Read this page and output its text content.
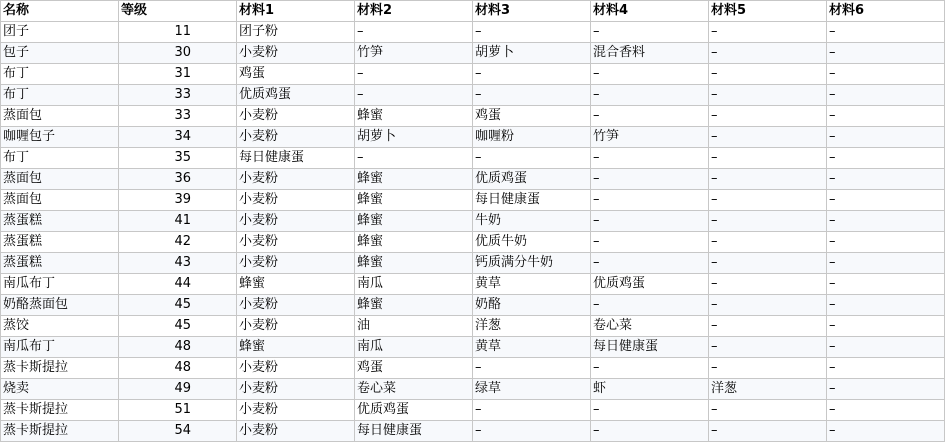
名称	等级	材料1	材料2	材料3	材料4	材料5	材料6
团子	11	团子粉	–	–	–	–	–
包子	30	小麦粉	竹笋	胡萝卜	混合香料	–	–
布丁	31	鸡蛋	–	–	–	–	–
布丁	33	优质鸡蛋	–	–	–	–	–
蒸面包	33	小麦粉	蜂蜜	鸡蛋	–	–	–
咖喱包子	34	小麦粉	胡萝卜	咖喱粉	竹笋	–	–
布丁	35	每日健康蛋	–	–	–	–	–
蒸面包	36	小麦粉	蜂蜜	优质鸡蛋	–	–	–
蒸面包	39	小麦粉	蜂蜜	每日健康蛋	–	–	–
蒸蛋糕	41	小麦粉	蜂蜜	牛奶	–	–	–
蒸蛋糕	42	小麦粉	蜂蜜	优质牛奶	–	–	–
蒸蛋糕	43	小麦粉	蜂蜜	钙质满分牛奶	–	–	–
南瓜布丁	44	蜂蜜	南瓜	黄草	优质鸡蛋	–	–
奶酪蒸面包	45	小麦粉	蜂蜜	奶酪	–	–	–
蒸饺	45	小麦粉	油	洋葱	卷心菜	–	–
南瓜布丁	48	蜂蜜	南瓜	黄草	每日健康蛋	–	–
蒸卡斯提拉	48	小麦粉	鸡蛋	–	–	–	–
烧卖	49	小麦粉	卷心菜	绿草	虾	洋葱	–
蒸卡斯提拉	51	小麦粉	优质鸡蛋	–	–	–	–
蒸卡斯提拉	54	小麦粉	每日健康蛋	–	–	–	–
